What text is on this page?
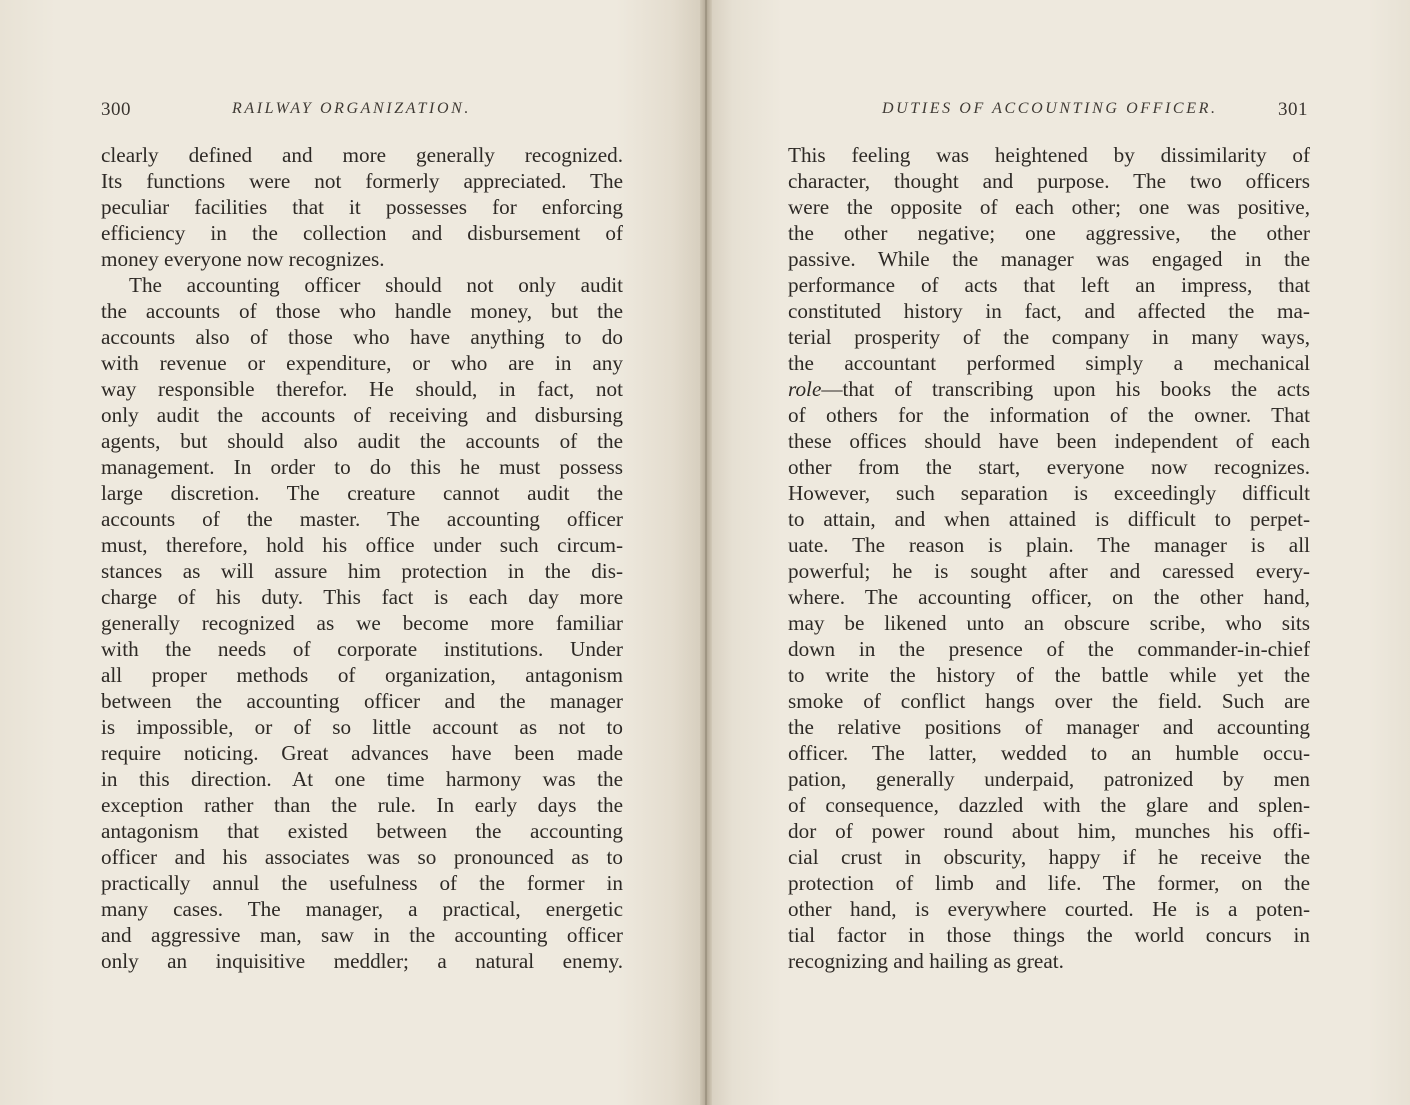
300	RAILWAY ORGANIZATION.
clearly defined and more generally recognized.
Its functions were not formerly appreciated. The
peculiar facilities that it possesses for enforcing
efficiency in the collection and disbursement of
money everyone now recognizes.
The accounting officer should not only audit
the accounts of those who handle money, but the
accounts also of those who have anything to do
with revenue or expenditure, or who are in any
way responsible therefor. He should, in fact, not
only audit the accounts of receiving and disbursing
agents, but should also audit the accounts of the
management. In order to do this he must possess
large discretion. The creature cannot audit the
accounts of the master. The accounting officer
must, therefore, hold his office under such circum-
stances as will assure him protection in the dis-
charge of his duty. This fact is each day more
generally recognized as we become more familiar
with the needs of corporate institutions. Under
all proper methods of organization, antagonism
between the accounting officer and the manager
is impossible, or of so little account as not to
require noticing. Great advances have been made
in this direction. At one time harmony was the
exception rather than the rule. In early days the
antagonism that existed between the accounting
officer and his associates was so pronounced as to
practically annul the usefulness of the former in
many cases. The manager, a practical, energetic
and aggressive man, saw in the accounting officer
only an inquisitive meddler; a natural enemy.
DUTIES OF ACCOUNTING OFFICER.	301
This feeling was heightened by dissimilarity of
character, thought and purpose. The two officers
were the opposite of each other; one was positive,
the other negative; one aggressive, the other
passive. While the manager was engaged in the
performance of acts that left an impress, that
constituted history in fact, and affected the ma-
terial prosperity of the company in many ways,
the accountant performed simply a mechanical
role—that of transcribing upon his books the acts
of others for the information of the owner. That
these offices should have been independent of each
other from the start, everyone now recognizes.
However, such separation is exceedingly difficult
to attain, and when attained is difficult to perpet-
uate. The reason is plain. The manager is all
powerful; he is sought after and caressed every-
where. The accounting officer, on the other hand,
may be likened unto an obscure scribe, who sits
down in the presence of the commander-in-chief
to write the history of the battle while yet the
smoke of conflict hangs over the field. Such are
the relative positions of manager and accounting
officer. The latter, wedded to an humble occu-
pation, generally underpaid, patronized by men
of consequence, dazzled with the glare and splen-
dor of power round about him, munches his offi-
cial crust in obscurity, happy if he receive the
protection of limb and life. The former, on the
other hand, is everywhere courted. He is a poten-
tial factor in those things the world concurs in
recognizing and hailing as great.
